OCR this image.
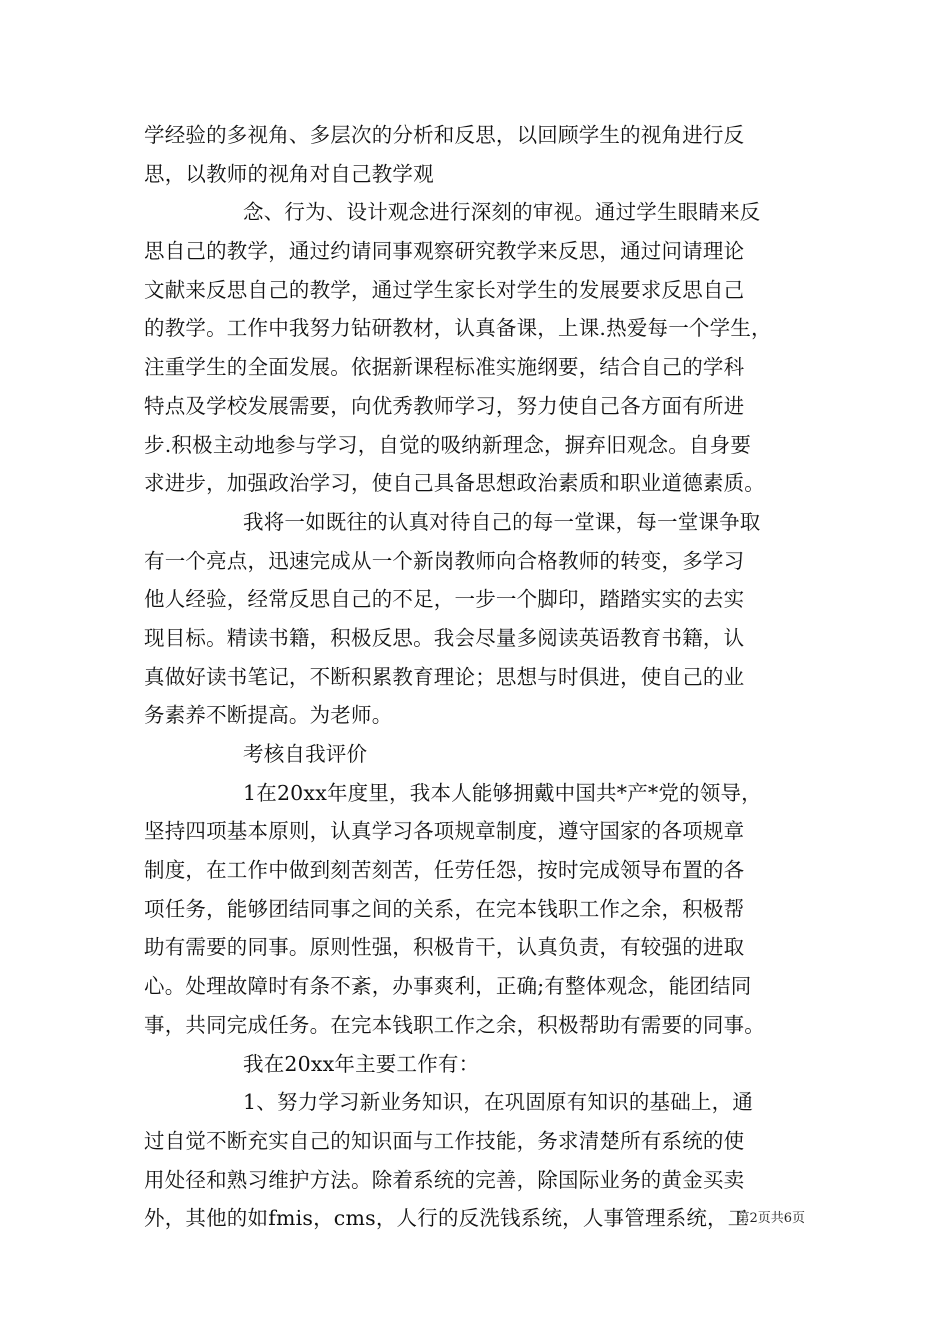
学经验的多视角、多层次的分析和反思，以回顾学生的视角进行反
思，以教师的视角对自己教学观
念、行为、设计观念进行深刻的审视。通过学生眼睛来反
思自己的教学，通过约请同事观察研究教学来反思，通过问请理论
文献来反思自己的教学，通过学生家长对学生的发展要求反思自己
的教学。工作中我努力钻研教材，认真备课，上课.热爱每一个学生，
注重学生的全面发展。依据新课程标准实施纲要，结合自己的学科
特点及学校发展需要，向优秀教师学习，努力使自己各方面有所进
步.积极主动地参与学习，自觉的吸纳新理念，摒弃旧观念。自身要
求进步，加强政治学习，使自己具备思想政治素质和职业道德素质。
我将一如既往的认真对待自己的每一堂课，每一堂课争取
有一个亮点，迅速完成从一个新岗教师向合格教师的转变，多学习
他人经验，经常反思自己的不足，一步一个脚印，踏踏实实的去实
现目标。精读书籍，积极反思。我会尽量多阅读英语教育书籍，认
真做好读书笔记，不断积累教育理论；思想与时俱进，使自己的业
务素养不断提高。为老师。
考核自我评价
1在20xx年度里，我本人能够拥戴中国共*产*党的领导，
坚持四项基本原则，认真学习各项规章制度，遵守国家的各项规章
制度，在工作中做到刻苦刻苦，任劳任怨，按时完成领导布置的各
项任务，能够团结同事之间的关系，在完本钱职工作之余，积极帮
助有需要的同事。原则性强，积极肯干，认真负责，有较强的进取
心。处理故障时有条不紊，办事爽利，正确;有整体观念，能团结同
事，共同完成任务。在完本钱职工作之余，积极帮助有需要的同事。
我在20xx年主要工作有：
1、努力学习新业务知识，在巩固原有知识的基础上，通
过自觉不断充实自己的知识面与工作技能，务求清楚所有系统的使
用处径和熟习维护方法。除着系统的完善，除国际业务的黄金买卖
外，其他的如fmis，cms，人行的反洗钱系统，人事管理系统，工
第2页共6页
